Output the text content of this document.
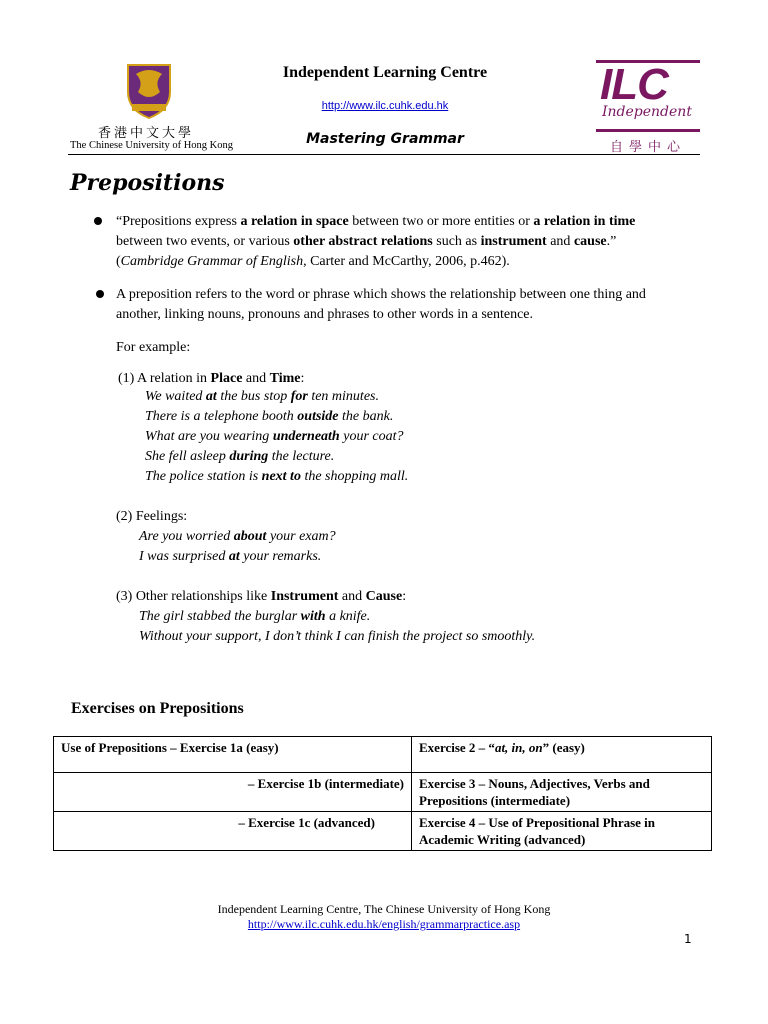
香港中文大學
The Chinese University of Hong Kong
Independent Learning Centre
http://www.ilc.cuhk.edu.hk
Mastering Grammar
ILC
Independent
自學中心
Prepositions
“Prepositions express a relation in space between two or more entities or a relation in time
between two events, or various other abstract relations such as instrument and cause.”
(Cambridge Grammar of English, Carter and McCarthy, 2006, p.462).
A preposition refers to the word or phrase which shows the relationship between one thing and
another, linking nouns, pronouns and phrases to other words in a sentence.
For example:
(1) A relation in Place and Time:
We waited at the bus stop for ten minutes.
There is a telephone booth outside the bank.
What are you wearing underneath your coat?
She fell asleep during the lecture.
The police station is next to the shopping mall.
(2) Feelings:
Are you worried about your exam?
I was surprised at your remarks.
(3) Other relationships like Instrument and Cause:
The girl stabbed the burglar with a knife.
Without your support, I don’t think I can finish the project so smoothly.
Exercises on Prepositions
Use of Prepositions – Exercise 1a (easy)	Exercise 2 – “at, in, on” (easy)
– Exercise 1b (intermediate)	Exercise 3 – Nouns, Adjectives, Verbs and Prepositions (intermediate)
– Exercise 1c (advanced)	Exercise 4 – Use of Prepositional Phrase in Academic Writing (advanced)
Independent Learning Centre, The Chinese University of Hong Kong
http://www.ilc.cuhk.edu.hk/english/grammarpractice.asp
1
